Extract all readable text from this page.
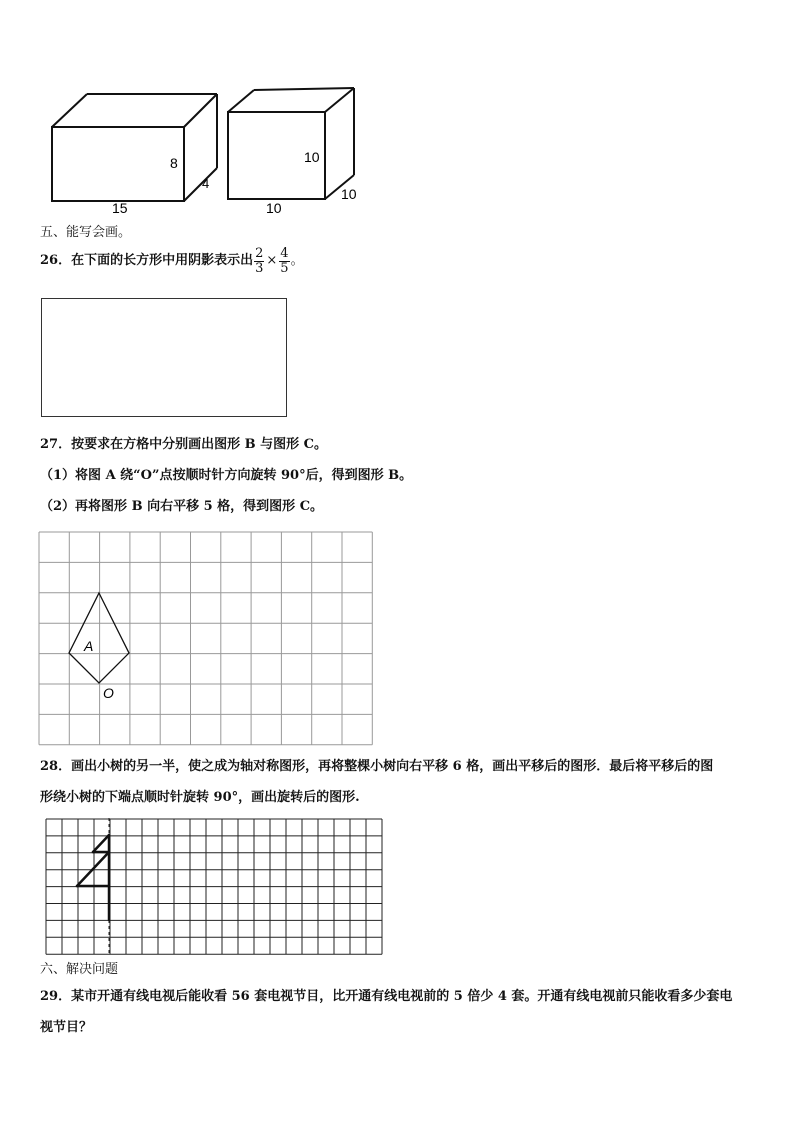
8
4
15
10
10
10
五、能写会画。
26．在下面的长方形中用阴影表示出 $\frac{2}{3} \times \frac{4}{5}$ 。
27．按要求在方格中分别画出图形 B 与图形 C。
（1）将图 A 绕“O”点按顺时针方向旋转 90°后，得到图形 B。
（2）再将图形 B 向右平移 5 格，得到图形 C。
A
O
28．画出小树的另一半，使之成为轴对称图形，再将整棵小树向右平移 6 格，画出平移后的图形．最后将平移后的图
形绕小树的下端点顺时针旋转 90°，画出旋转后的图形.
六、解决问题
29．某市开通有线电视后能收看 56 套电视节目，比开通有线电视前的 5 倍少 4 套。开通有线电视前只能收看多少套电
视节目？
